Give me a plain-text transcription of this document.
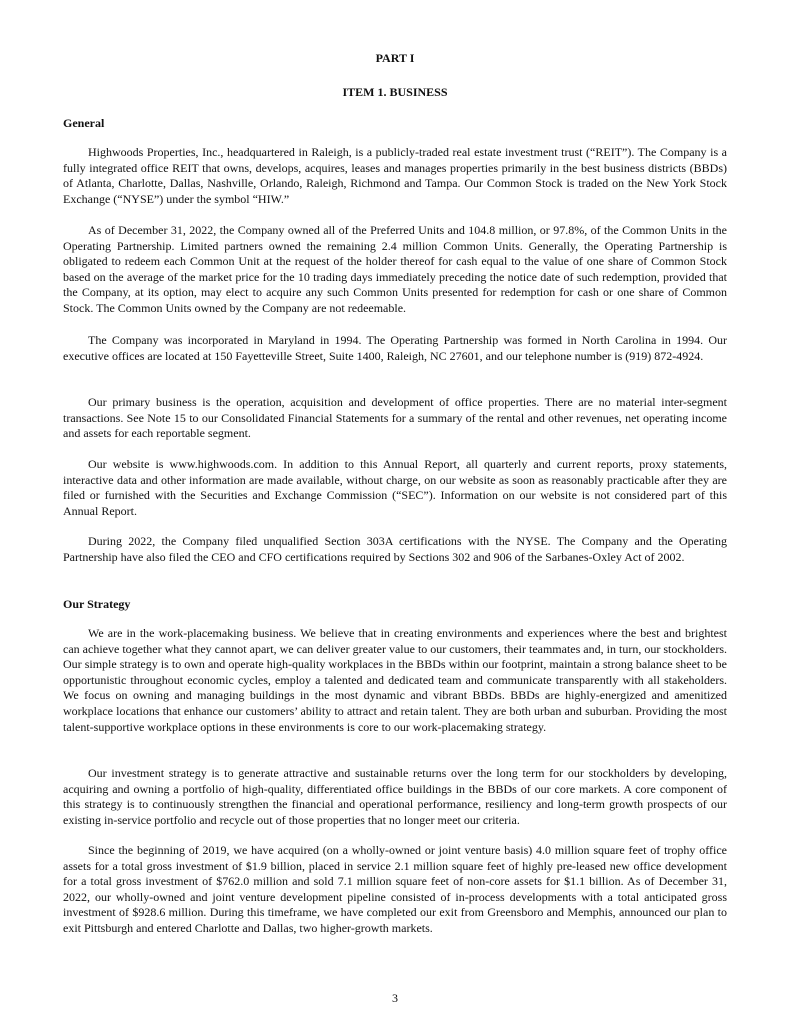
PART I
ITEM 1. BUSINESS
General

Highwoods Properties, Inc., headquartered in Raleigh, is a publicly-traded real estate investment trust (“REIT”). The Company is a fully integrated office REIT that owns, develops, acquires, leases and manages properties primarily in the best business districts (BBDs) of Atlanta, Charlotte, Dallas, Nashville, Orlando, Raleigh, Richmond and Tampa. Our Common Stock is traded on the New York Stock Exchange (“NYSE”) under the symbol “HIW.”

As of December 31, 2022, the Company owned all of the Preferred Units and 104.8 million, or 97.8%, of the Common Units in the Operating Partnership. Limited partners owned the remaining 2.4 million Common Units. Generally, the Operating Partnership is obligated to redeem each Common Unit at the request of the holder thereof for cash equal to the value of one share of Common Stock based on the average of the market price for the 10 trading days immediately preceding the notice date of such redemption, provided that the Company, at its option, may elect to acquire any such Common Units presented for redemption for cash or one share of Common Stock. The Common Units owned by the Company are not redeemable.

The Company was incorporated in Maryland in 1994. The Operating Partnership was formed in North Carolina in 1994. Our executive offices are located at 150 Fayetteville Street, Suite 1400, Raleigh, NC 27601, and our telephone number is (919) 872-4924.

Our primary business is the operation, acquisition and development of office properties. There are no material inter-segment transactions. See Note 15 to our Consolidated Financial Statements for a summary of the rental and other revenues, net operating income and assets for each reportable segment.

Our website is www.highwoods.com. In addition to this Annual Report, all quarterly and current reports, proxy statements, interactive data and other information are made available, without charge, on our website as soon as reasonably practicable after they are filed or furnished with the Securities and Exchange Commission (“SEC”). Information on our website is not considered part of this Annual Report.

During 2022, the Company filed unqualified Section 303A certifications with the NYSE. The Company and the Operating Partnership have also filed the CEO and CFO certifications required by Sections 302 and 906 of the Sarbanes-Oxley Act of 2002.

Our Strategy

We are in the work-placemaking business. We believe that in creating environments and experiences where the best and brightest can achieve together what they cannot apart, we can deliver greater value to our customers, their teammates and, in turn, our stockholders. Our simple strategy is to own and operate high-quality workplaces in the BBDs within our footprint, maintain a strong balance sheet to be opportunistic throughout economic cycles, employ a talented and dedicated team and communicate transparently with all stakeholders. We focus on owning and managing buildings in the most dynamic and vibrant BBDs. BBDs are highly-energized and amenitized workplace locations that enhance our customers’ ability to attract and retain talent. They are both urban and suburban. Providing the most talent-supportive workplace options in these environments is core to our work-placemaking strategy.

Our investment strategy is to generate attractive and sustainable returns over the long term for our stockholders by developing, acquiring and owning a portfolio of high-quality, differentiated office buildings in the BBDs of our core markets. A core component of this strategy is to continuously strengthen the financial and operational performance, resiliency and long-term growth prospects of our existing in-service portfolio and recycle out of those properties that no longer meet our criteria.

Since the beginning of 2019, we have acquired (on a wholly-owned or joint venture basis) 4.0 million square feet of trophy office assets for a total gross investment of $1.9 billion, placed in service 2.1 million square feet of highly pre-leased new office development for a total gross investment of $762.0 million and sold 7.1 million square feet of non-core assets for $1.1 billion. As of December 31, 2022, our wholly-owned and joint venture development pipeline consisted of in-process developments with a total anticipated gross investment of $928.6 million. During this timeframe, we have completed our exit from Greensboro and Memphis, announced our plan to exit Pittsburgh and entered Charlotte and Dallas, two higher-growth markets.

3
